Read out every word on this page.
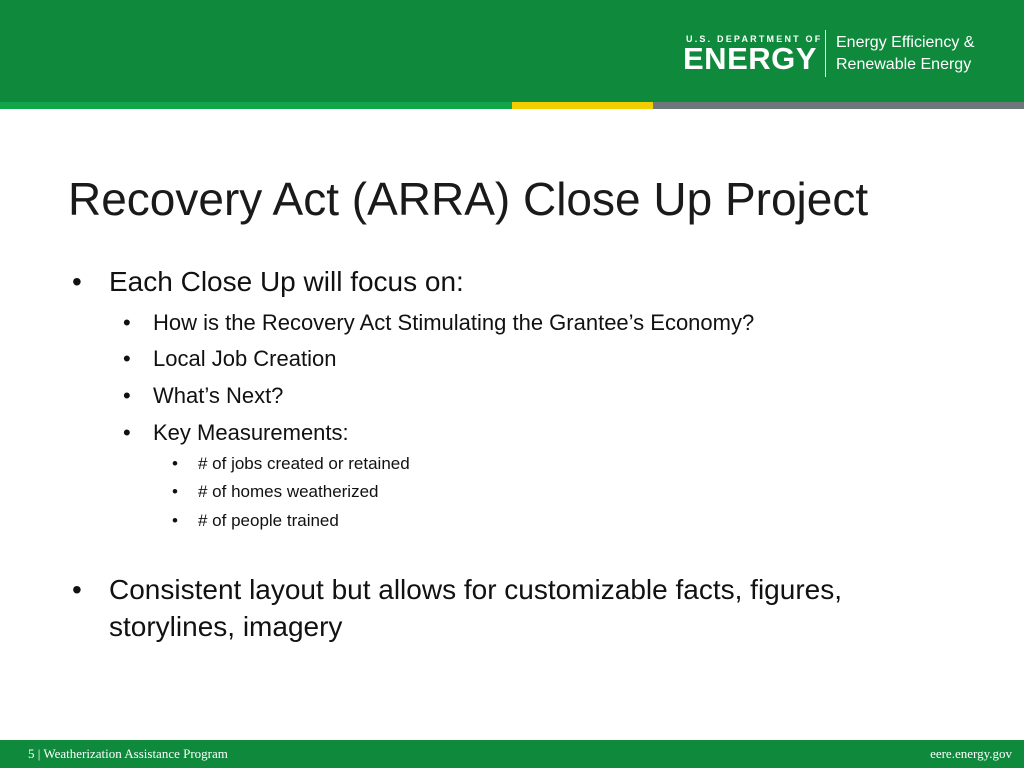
U.S. DEPARTMENT OF
ENERGY Energy Efficiency &
Renewable Energy
Recovery Act (ARRA) Close Up Project
• Each Close Up will focus on:
• How is the Recovery Act Stimulating the Grantee’s Economy?
• Local Job Creation
• What’s Next?
• Key Measurements:
• # of jobs created or retained
• # of homes weatherized
• # of people trained
• Consistent layout but allows for customizable facts, figures,
storylines, imagery
5 | Weatherization Assistance Program	eere.energy.gov
